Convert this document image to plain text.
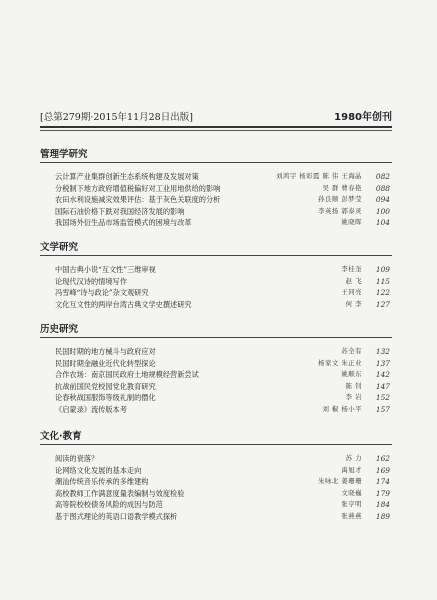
[总第279期·2015年11月28日出版]	1980年创刊
管理学研究
云计算产业集群创新生态系统构建及发展对策	刘鸿宇 杨彩霞 陈 伟 王海晶	082
分税制下地方政府增值税偏好对工业用地供给的影响	吴 群 曹春艳	088
农田水利设施减灾效果评估：基于灰色关联度的分析	孙良顺 彭梦莹	094
国际石油价格下跌对我国经济发展的影响	李英扬 郭泰灵	100
我国场外衍生品市场监管模式的困境与改革	姚晓晖	104
文学研究
中国古典小说“互文性”三维审视	李桂奎	109
论现代汉诗的情境写作	赵 飞	115
冯雪峰“诗与政论”杂文观研究	王同亮	122
文化互文性的两岸台湾古典文学史撰述研究	何 李	127
历史研究
民国时期的地方械斗与政府应对	苏全有	132
民国时期金融业近代化转型探论	杨家文 朱正业	137
合作农场：南京国民政府土地规模经营新尝试	姚顺东	142
抗战前国民党校园党化教育研究	陈 钊	147
论春秋战国服饰等级礼制的僭化	李 岩	152
《启蒙录》流传版本考	刘 椒 杨小平	157
文化·教育
阅读的衰落？	苏 力	162
论网络文化发展的基本走向	禹旭才	169
潮汕传统音乐传承的多维建构	朱咏北 姜珊珊	174
高校教师工作满意度量表编制与效度检验	文晓巍	179
高等院校校债务风险的成因与防范	张亨明	184
基于图式理论的英语口语教学模式探析	张燕燕	189
